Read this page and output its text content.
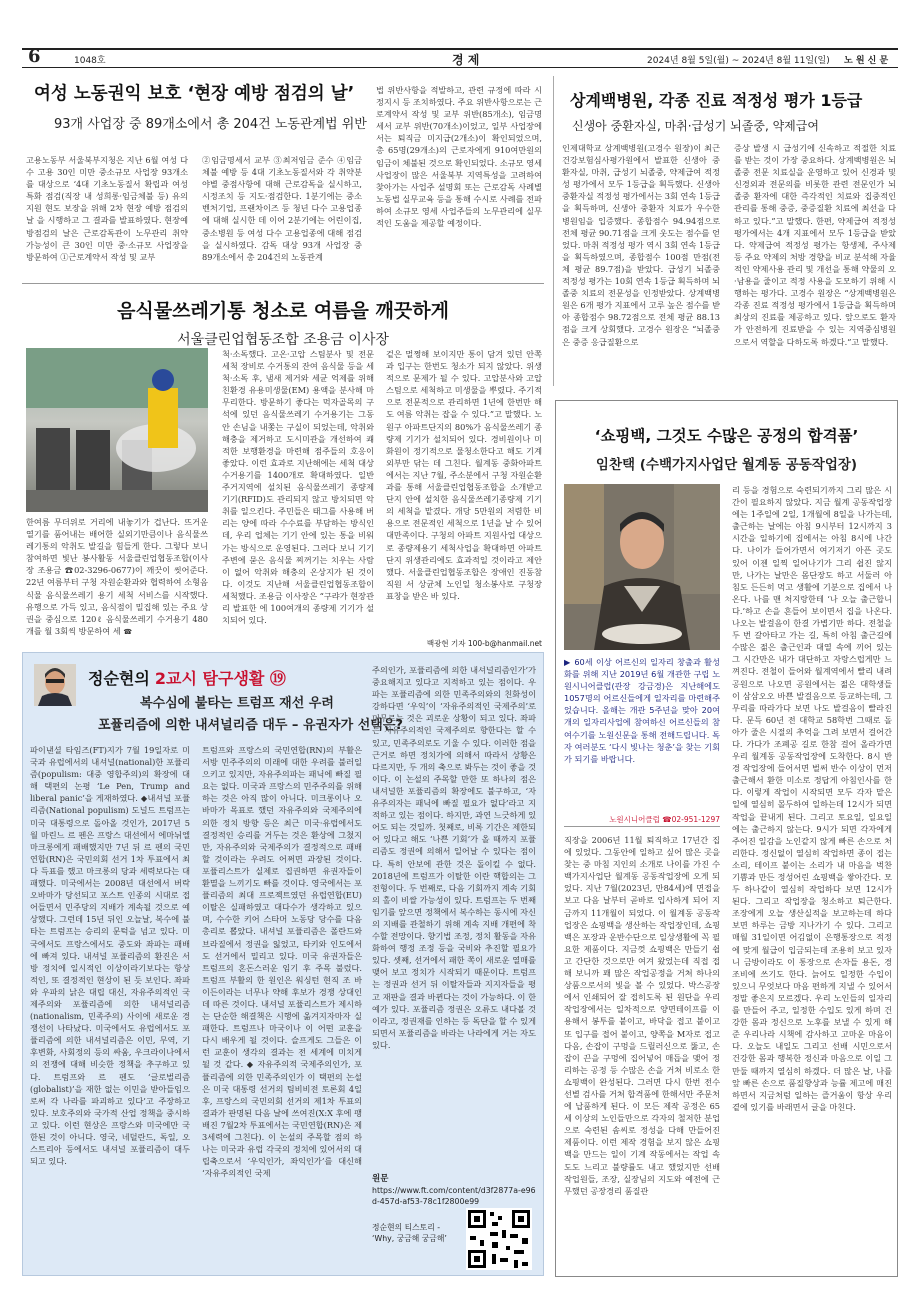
6	1048호	경 제	2024년 8월 5일(월) ~ 2024년 8월 11일(일) 노 원 신 문
여성 노동권익 보호 ‘현장 예방 점검의 날’
93개 사업장 중 89개소에서 총 204건 노동관계법 위반
고용노동부 서울북부지청은 지난 6월 여성 다수 고용 30인 미만 중소규모 사업장 93개소를 대상으로 ‘4대 기초노동질서 확립과 여성 특화 점검(직장 내 성희롱·임금체불 등) 유의지원 현도 보장을 위해 2차 현장 예방 점검의 날 을 시행하고 그 결과를 발표하였다. 현장예방점검의 날은 근로감독관이 노무관리 취약 가능성이 큰 30인 미만 중·소규모 사업장을 방문하여 ①근로계약서 작성 및 교부
②임금명세서 교부 ③최저임금 준수 ④임금체불 예방 등 4대 기초노동질서와 각 취약분야별 중점사항에 대해 근로감독을 실시하고, 시정조치 등 지도·점검한다. 1분기에는 중소 벤처기업, 프랜차이즈 등 청년 다수 고용업종에 대해 실시한 데 이어 2분기에는 어린이집, 중소병원 등 여성 다수 고용업종에 대해 점검을 실시하였다. 감독 대상 93개 사업장 중 89개소에서 총 204건의 노동관계
법 위반사항을 적발하고, 관련 규정에 따라 시정지시 등 조치하였다. 주요 위반사항으로는 근로계약서 작성 및 교부 위반(85개소), 임금명세서 교부 위반(70개소)이었고, 일부 사업장에서는 퇴직금 미지급(2개소)이 확인되었으며, 총 65명(29개소)의 근로자에게 910여만원의 임금이 체불된 것으로 확인되었다. 소규모 영세사업장이 많은 서울북부 지역특성을 고려하여 찾아가는 사업주 설명회 또는 근로감독 사례별 노동법 실무교육 등을 통해 수시로 사례를 전파하여 소규모 영세 사업주들의 노무관리에 실무적인 도움을 제공할 예정이다.
상계백병원, 각종 진료 적정성 평가 1등급
신생아 중환자실, 마취·급성기 뇌졸중, 약제급여
인제대학교 상계백병원(고경수 원장)이 최근 건강보험심사평가원에서 발표한 신생아 중환자실, 마취, 급성기 뇌졸중, 약제급여 적정성 평가에서 모두 1등급을 획득했다. 신생아 중환자실 적정성 평가에서는 3회 연속 1등급을 획득하며, 신생아 중환자 치료가 우수한 병원임을 입증했다. 종합점수 94.94점으로 전체 평균 90.71점을 크게 웃도는 점수를 얻었다. 마취 적정성 평가 역시 3회 연속 1등급을 획득하였으며, 종합점수 100점 만점(전체 평균 89.7점)을 받았다. 급성기 뇌졸중 적정성 평가는 10회 연속 1등급 획득하며 뇌졸중 치료의 전문성을 인정받았다. 상계백병원은 6개 평가 지표에서 고루 높은 점수를 받아 종합점수 98.72점으로 전체 평균 88.13점을 크게 상회했다. 고경수 원장은 “뇌졸중은 중증 응급질환으로
증상 발생 시 급성기에 신속하고 적절한 치료를 받는 것이 가장 중요하다. 상계백병원은 뇌졸중 전문 치료실을 운영하고 있어 신경과 및 신경외과 전문의를 비롯한 관련 전문인가 뇌졸중 환자에 대한 즉각적인 치료와 집중적인 관리를 통해 중증, 중증질환 치료에 최선을 다하고 있다.”고 말했다. 한편, 약제급여 적정성 평가에서는 4개 지표에서 모두 1등급을 받았다. 약제급여 적정성 평가는 항생제, 주사제 등 주요 약제의 처방 경향을 비교 분석해 자율적인 약제사용 관리 및 개선을 통해 약물의 오·남용을 줄이고 적정 사용을 도모하기 위해 시행하는 평가다. 고경수 원장은 “상계백병원은 각종 진료 적정성 평가에서 1등급을 획득하며 최상의 진료를 제공하고 있다. 앞으로도 환자가 안전하게 진료받을 수 있는 지역중심병원으로서 역할을 다하도록 하겠다.”고 말했다.
음식물쓰레기통 청소로 여름을 깨끗하게
서울클린업협동조합 조용금 이사장
한여름 무더위로 거리에 내놓기가 겁난다. 뜨거운 열기를 품어내는 배어한 실외기만큼이나 음식물쓰레기통의 악취도 발길을 힘들게 한다. 그렇다 보니 참여하면 빛난 봉사활동 서울클린업협동조합(이사장 조용금 ☎02-3296-0677)이 깨끗이 씻어준다. 22년 여름부터 구청 자원순환과와 협력하여 소형음식물 음식물쓰레기 용기 세척 서비스를 시작했다. 유행으로 가득 있고, 음식점이 밀집해 있는 주요 상권을 중심으로 120ℓ 음식물쓰레기 수거용기 480개를 월 3회씩 방문하여 세 ☎
척·소독했다. 고온·고압 스팀분사 및 전문 세척 장비로 수거통의 잔여 음식물 등을 세척·소독 후, 냄새 제거와 세균 억제를 위해 친환경 유용미생물(EM) 용액을 분사해 마무리한다. 방문하기 좋다는 먹자골목의 구석에 있던 음식물쓰레기 수거용기는 그동안 손님을 내쫓는 구실이 되었는데, 악취와 해충을 제거하고 도시미관을 개선하여 쾌적한 보행환경을 마련해 점주들의 호응이 좋았다. 이런 효과로 지난해에는 세척 대상 수거용기를 1400개로 확대하였다. 일반 주거지역에 설치된 음식물쓰레기 종량제 기기(RFID)도 관리되지 않고 방치되면 악취를 일으킨다. 주민들은 태그를 사용해 버리는 양에 따라 수수료를 부담하는 방식인데, 우리 업체는 기기 안에 있는 통을 비워가는 방식으로 운영된다. 그러다 보니 기기 주변에 묻은 음식물 찌꺼기는 치우는 사람이 없어 악취와 해충의 온상지가 된 것이다. 이것도 지난해 서울클린업협동조합이 세척했다. 조용금 이사장은 “구랴가 현장관리 발표한 에 100여개의 종량제 기기가 설치되어 있다.
겉은 멀쩡해 보이지만 통이 담겨 있던 안쪽과 입구는 한번도 청소가 되지 않았다. 위생적으로 문제가 될 수 있다. 고압분사와 고압스팀으로 세척하고 미생물을 뿌렸다. 주기적으로 전문적으로 관리하면 1년에 한번만 해도 여름 악취는 잡을 수 있다.”고 말했다. 노원구 아파트단지의 80%가 음식물쓰레기 종량제 기기가 설치되어 있다. 경비원이나 미화원이 정기적으로 물청소한다고 해도 기계 외부만 닦는 데 그친다. 월계동 중화아파트에서는 지난 7월, 주소분에서 구청 자원순환과를 통해 서울클린업협동조합을 소개받고 단지 안에 설치한 음식물쓰레기종량제 기기의 세척을 맡겼다. 개당 5만원의 저렴한 비용으로 전문적인 세척으로 1년을 날 수 있어 대만족이다. 구청의 아파트 지원사업 대상으로 종량제용기 세척사업을 확대하면 아파트 단지 위생관리에도 효과적일 것이라고 제안했다. 서울클린업협동조합은 장애인 진동참 직원 서 상균체 노인일 청소봉사로 구청장 표창을 받은 바 있다.
백광현 기자 100-b@hanmail.net
‘쇼핑백, 그것도 수많은 공정의 합격품’
임찬택 (수백가지사업단 월계동 공동작업장)
▶ 60세 이상 어르신의 일자리 창출과 활성화를 위해 지난 2019년 6월 개관한 구립 노원시니어클럽(관장 강금경)은 지난해에도 1057명의 어르신들에게 일자리를 마련해주었습니다. 올해는 개관 5주년을 맞아 20여개의 일자리사업에 참여하신 어르신들의 참여수기를 노원신문을 통해 전해드립니다. 독자 여러분도 ‘다시 빛나는 청춘’을 찾는 기회가 되기를 바랍니다.
노원시니어클럽 ☎02-951-1297
직장을 2006년 11월 퇴직하고 17년간 집에 있었다. 그동안에 일하고 싶어 많은 곳을 찾는 중 마침 지인의 소개로 나이를 가진 수백가지사업단 월계동 공동작업장에 오게 되었다. 지난 7월(2023년, 만84세)에 면접을 보고 다음 날부터 곧바로 입사하게 되어 지금까지 11개월이 되었다. 이 월계동 공동작업장은 쇼핑백을 생산하는 작업장인데, 쇼핑백은 포장과 운반수단으로 일상생활에 꼭 필요한 제품이다. 지금껏 쇼핑백은 만들기 쉽고 간단한 것으로만 여겨 왔었는데 직접 접해 보니까 꽤 많은 작업공정을 거쳐 하나의 상품으로서의 빛을 볼 수 있었다. 박스공장에서 인쇄되어 잘 접히도록 된 원단을 우리 작업장에서는 일차적으로 양면테이프를 이용해서 봉투를 붙이고, 바닥을 접고 붙이고 또 입구를 접어 붙이고, 양쪽을 M자로 접고 다음, 손잡이 구멍을 드릴러신으로 뚫고, 손잡이 끈을 구멍에 집어넣어 매듭을 맺어 정리하는 공정 등 수많은 손을 거쳐 비로소 한 쇼핑백이 완성된다. 그러면 다시 한번 전수 선별 검사를 거쳐 합격품에 한해서만 주문처에 납품하게 된다. 이 모든 제작 공정은 65세 이상의 노인들만으로 각자의 철저한 분업으로 숙련된 솜씨로 정성을 다해 만들어진 제품이다. 이런 제작 경험을 보지 않은 쇼핑백을 만드는 일이 기계 작동에서는 작업 속도도 느리고 불량률도 내고 했었지만 선배 작업원들, 조장, 실장님의 지도와 예전에 근무했던 공장경리 품질관
리 등을 경험으로 숙련되기까지 그리 많은 시간이 필요하지 않았다. 지금 월계 공동작업장에는 1주일에 2일, 1개월에 8일을 나가는데, 출근하는 날에는 아침 9시부터 12시까지 3시간을 일하기에 집에서는 아침 8시에 나간다. 나이가 들어가면서 여기저기 아픈 곳도 있어 이젠 일찍 일어나기가 그리 쉽진 않지만, 나가는 날만은 몸단장도 하고 서둘러 아침도 든든히 먹고 생활에 기분으로 집에서 나온다. 나를 맨 처지랑한테 ‘나 오늘 출근합니다.’하고 손을 흔들어 보이면서 집을 나온다. 나오는 발걸음이 한결 가볍기만 하다. 전철을 두 번 갈아타고 가는 길, 특히 아침 출근길에 수많은 젊은 출근인과 대열 속에 끼어 있는 그 시간만은 내가 대단하고 자랑스럽게만 느껴진다. 전철이 들어와 월계역에서 빨리 내려 공원으로 나오면 공원에서는 젊은 대학생들이 삼삼오오 바쁜 발걸음으로 등교하는데, 그 무리를 따라가다 보면 나도 발걸음이 빨라진다. 문득 60년 전 대학교 58학번 그때로 돌아가 줄은 시절의 추억을 그려 보면서 걸어간다. 가다가 조폐공 길로 한참 걸어 올라가면 우리 월계동 공동작업장에 도착한다. 8시 반경 작업장에 들어서면 벌써 반수 이상이 먼저 출근해서 환한 미소로 정답게 아침인사를 한다. 이렇게 작업이 시작되면 모두 각자 맡은 일에 열심히 몰두하여 일하는데 12시가 되면 작업을 끝내게 된다. 그리고 토요일, 일요일에는 출근하지 않는다. 9시가 되면 각자에게 주어진 일감을 노인같지 않게 빠른 손으로 처리한다. 정신없이 열심히 작업하면 종이 접는 소리, 테이프 붙이는 소리가 내 마음을 벅찬 기쁨과 만든 정성어린 쇼핑백을 쌓아간다. 모두 하나같이 열심히 작업하다 보면 12시가 된다. 그리고 작업장을 청소하고 퇴근한다. 조장에게 오늘 생산실적을 보고하는데 하다보면 하루는 금방 지나가기 수 있다. 그리고 매월 31일이면 어김없이 은행통장으로 적정에 맞게 월급이 입금되는데 조용히 보고 있자니 금방이라도 이 통장으로 손자들 용돈, 경조비에 쓰기도 한다. 늙어도 일정한 수입이 있으니 무엇보다 마음 편하게 지낼 수 있어서 정말 좋은지 모르겠다. 우리 노인들의 일자리를 만들어 주고, 일정한 수입도 있게 하며 건강한 몸과 정신으로 노후를 보낼 수 있게 해준 우리나라 시책에 감사하고 고마운 마음이다. 오늘도 내일도 그리고 선배 시민으로서 건강한 몸과 행복한 정신과 마음으로 이일 그만둘 때까지 열심히 하겠다. 더 많은 날, 나를 앞 빠른 손으로 품질향상과 능률 제고에 매진하면서 지금처럼 일하는 즐거움이 항상 우리 곁에 있기를 바래면서 글을 마친다.
정순현의 2교시 탐구생활 ⑲
복수심에 불타는 트럼프 재선 우려
포퓰리즘에 의한 내셔널리즘 대두 – 유권자가 선택은?
파이낸셜 타임즈(FT)지가 7월 19일자로 미국과 유럽에서의 내셔널(national)한 포퓰리즘(populism: 대중 영합주의)의 확장에 대해 택편의 논평 ‘Le Pen, Trump and liberal panic’을 게재하였다. ◆내셔널 포퓰리즘(National populism) 도널드 트럼프는 미국 대통령으로 돌아올 것인가, 2017년 5월 마린느 르 펜은 프랑스 대선에서 에마뉘엘 마크롱에게 패배했지만 7년 뒤 르 펜의 국민연합(RN)은 국민의회 선거 1차 투표에서 최다 득표를 했고 마크롱의 당과 세력보다는 대패했다. 미국에서는 2008년 대선에서 버락 오바마가 당선되고 포스트 인종의 시대로 접어들면서 민주당의 지배가 계속될 것으로 예상했다. 그런데 15년 뒤인 오늘날, 복수에 불타는 트럼프는 승리의 문턱을 넘고 있다. 미국에서도 프랑스에서도 중도와 좌파는 패배에 빠져 있다. 내셔널 포퓰리즘의 환진은 서방 정치에 일시적인 이상이라기보다는 항상적인, 또 결정적인 현상이 된 듯 보인다. 좌파와 우파의 낡은 대립 대신, 자유주의적인 국제주의와 포퓰리즘에 의한 내셔널리즘(nationalism, 민족주의) 사이에 새로운 경쟁선이 나타났다. 미국에서도 유럽에서도 포퓰리즘에 의한 내셔널리즘은 이민, 무역, 기후변화, 사회정의 등의 싸움, 우크라이나에서의 전쟁에 대해 비슷한 정책을 추구하고 있다. 트럼프와 르 펜도 ‘글로벌리즘(globalist)’을 재한 없는 이민을 받아들임으로써 각 나라를 파괴하고 있다’고 주장하고 있다. 보호주의와 국가적 산업 정책을 중시하고 있다. 이런 현상은 프랑스와 미국에만 국한된 것이 아니다. 영국, 네덜란드, 독일, 오스트리아 등에서도 내셔널 포퓰리즘이 대두되고 있다.
트럼프와 프랑스의 국민연합(RN)의 부활은 서방 민주주의의 미래에 대한 우려를 불러일으키고 있지만, 자유주의파는 패닉에 빠질 필요는 없다. 미국과 프랑스의 민주주의를 위해 하는 것은 아직 많이 아니다. 미크롱이나 오바마가 목표로 했던 자유주의와 국제주의에 의한 정치 방향 등은 최근 미국·유럽에서도 결정적인 승리를 거두는 것은 환상에 그쳤지만, 자유주의와 국제주의가 결정적으로 패배할 것이라는 우려도 어쩌면 과장된 것이다. 포퓰리스트가 실제로 집권하면 유권자들이 환멸을 느끼기도 빠를 것이다. 영국에서는 포퓰리즘의 최대 프로젝트였던 유럽연합(EU) 이탈은 실패하였고 대다수가 생각하고 있으며, 수수한 키어 스타머 노동당 당수를 다음 총리로 뽑았다. 내셔널 포퓰리즘은 폴란드와 브라질에서 정권을 잃었고, 타키와 인도에서도 선거에서 밀리고 있다. 미국 유권자들은 트럼프의 혼돈스러운 임기 후 주목 불렀다. 트럼프 부활의 한 원인은 워싱턴 현직 조 바이든이라는 너무나 약해 후보가 경쟁 상대인 데 따른 것이다. 내셔널 포퓰리스트가 제시하는 단순한 해결책은 시행에 옮겨지자마자 실패한다. 트럼프나 마국이나 이 어떤 교훈을 다시 배우게 될 것이다. 슬프게도 그들은 이런 교훈이 생각의 결과는 전 세계에 미치게 될 것 같다. ◆ 자유주의적 국제주의인가, 포퓰리즘에 의한 민족주의인가 이 택편의 논설은 미국 대통령 선거의 팀비비전 토론회 4일 후, 프랑스의 국민의회 선거의 제1차 투표의 결과가 판명된 다음 날에 쓰여진(X:X 후에 팽배진 7월2차 투표에서는 국민연합(RN)은 제3세력에 그친다). 이 논설의 주목할 점의 하나는 미국과 유럽 각국의 정치에 있어서의 대립축으로서 ‘우익인가, 좌익인가’를 대신해 ‘자유주의적인 국제
주의인가, 포퓰리즘에 의한 내셔널리즘인가’가 중요해지고 있다고 지적하고 있는 점이다. 우파는 포퓰리즘에 의한 민족주의와의 친화성이 강하다면 ‘우익’이 ‘자유주의적인 국제주의’로 머무르는 것은 괴로운 상황이 되고 있다. 좌파는 자유주의적인 국제주의로 향한다는 할 수 있고, 민족주의로도 기울 수 있다. 이러한 점을 근거로 하면 정치가에 의해서 따라서 상황은 다르지만, 두 개의 축으로 봐두는 것이 좋을 것이다. 이 논설의 주목할 만한 또 하나의 점은 내셔널한 포퓰리즘의 확장에도 불구하고, ‘자유주의자는 패닉에 빠질 필요가 없다’라고 지적하고 있는 점이다. 하지만, 과연 느긋하게 있어도 되는 것일까. 첫째로, 비록 기간은 제한되어 있다고 해도 ‘나쁜 기회’가 올 때까지 포퓰리즘도 정권에 의해서 일어날 수 있다는 점이다. 특히 안보에 관한 것은 돌이킬 수 없다. 2018년에 트럼프가 이탈한 이란 핵합의는 그 전형이다. 두 번째로, 다음 기회까지 계속 기회의 홀이 비쌀 가능성이 있다. 트럼프는 두 번째 임기를 앞으면 정책에서 복수하는 동시에 자신의 지배를 관철하기 위해 계속 지배 개편에 착수할 전망이다. 향기법 조정, 정치 활동을 자유화하여 행정 조정 등을 국비와 추진할 필요가 있다. 셋째, 선거에서 패한 쪽이 새로운 열매를 맺어 보고 정치가 시작되기 때문이다. 트럼프는 정권과 선거 뒤 이탈자들과 지지자들을 평 고 재판을 결과 바뀐다는 것이 가능하다. 이 한 예가 있다. 포퓰리즘 정권은 오류도 내다볼 것이라고, 정권재를 인하는 등 독단을 할 수 있게 되면서 포퓰리즘을 바라는 나라에게 거는 자도 있다.
원문
https://www.ft.com/content/d3f2877a-e96d-457d-af53-78c1f2800e99
정순현의 티스토리 - ‘Why, 궁금해 궁금해’
